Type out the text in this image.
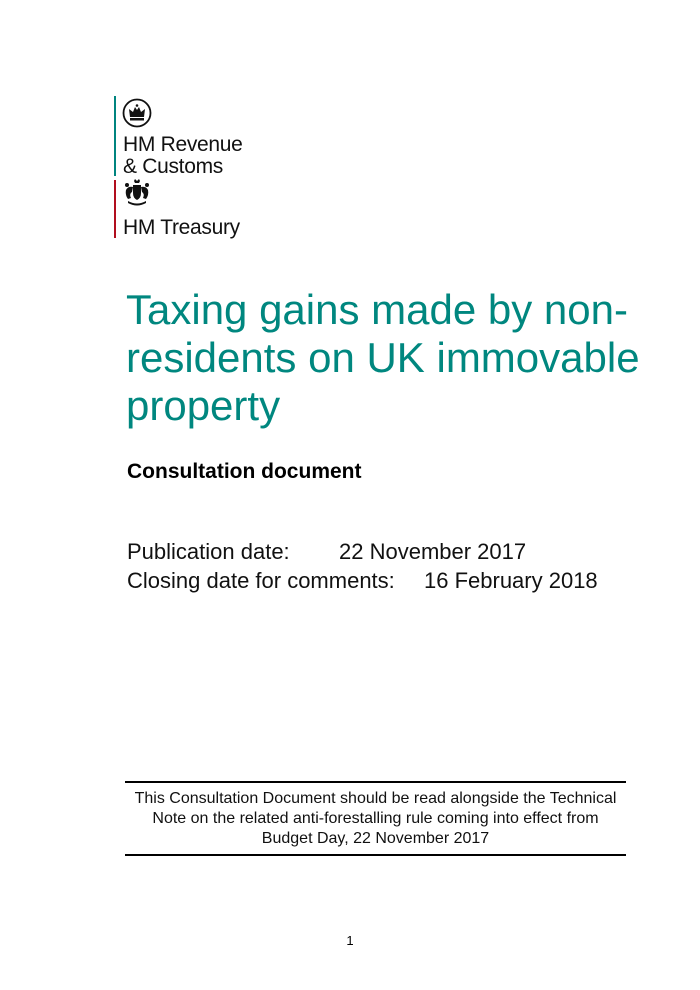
HM Revenue
& Customs
HM Treasury
Taxing gains made by non-residents on UK immovable property
Consultation document
Publication date: 22 November 2017
Closing date for comments: 16 February 2018
This Consultation Document should be read alongside the Technical Note on the related anti-forestalling rule coming into effect from Budget Day, 22 November 2017
1
